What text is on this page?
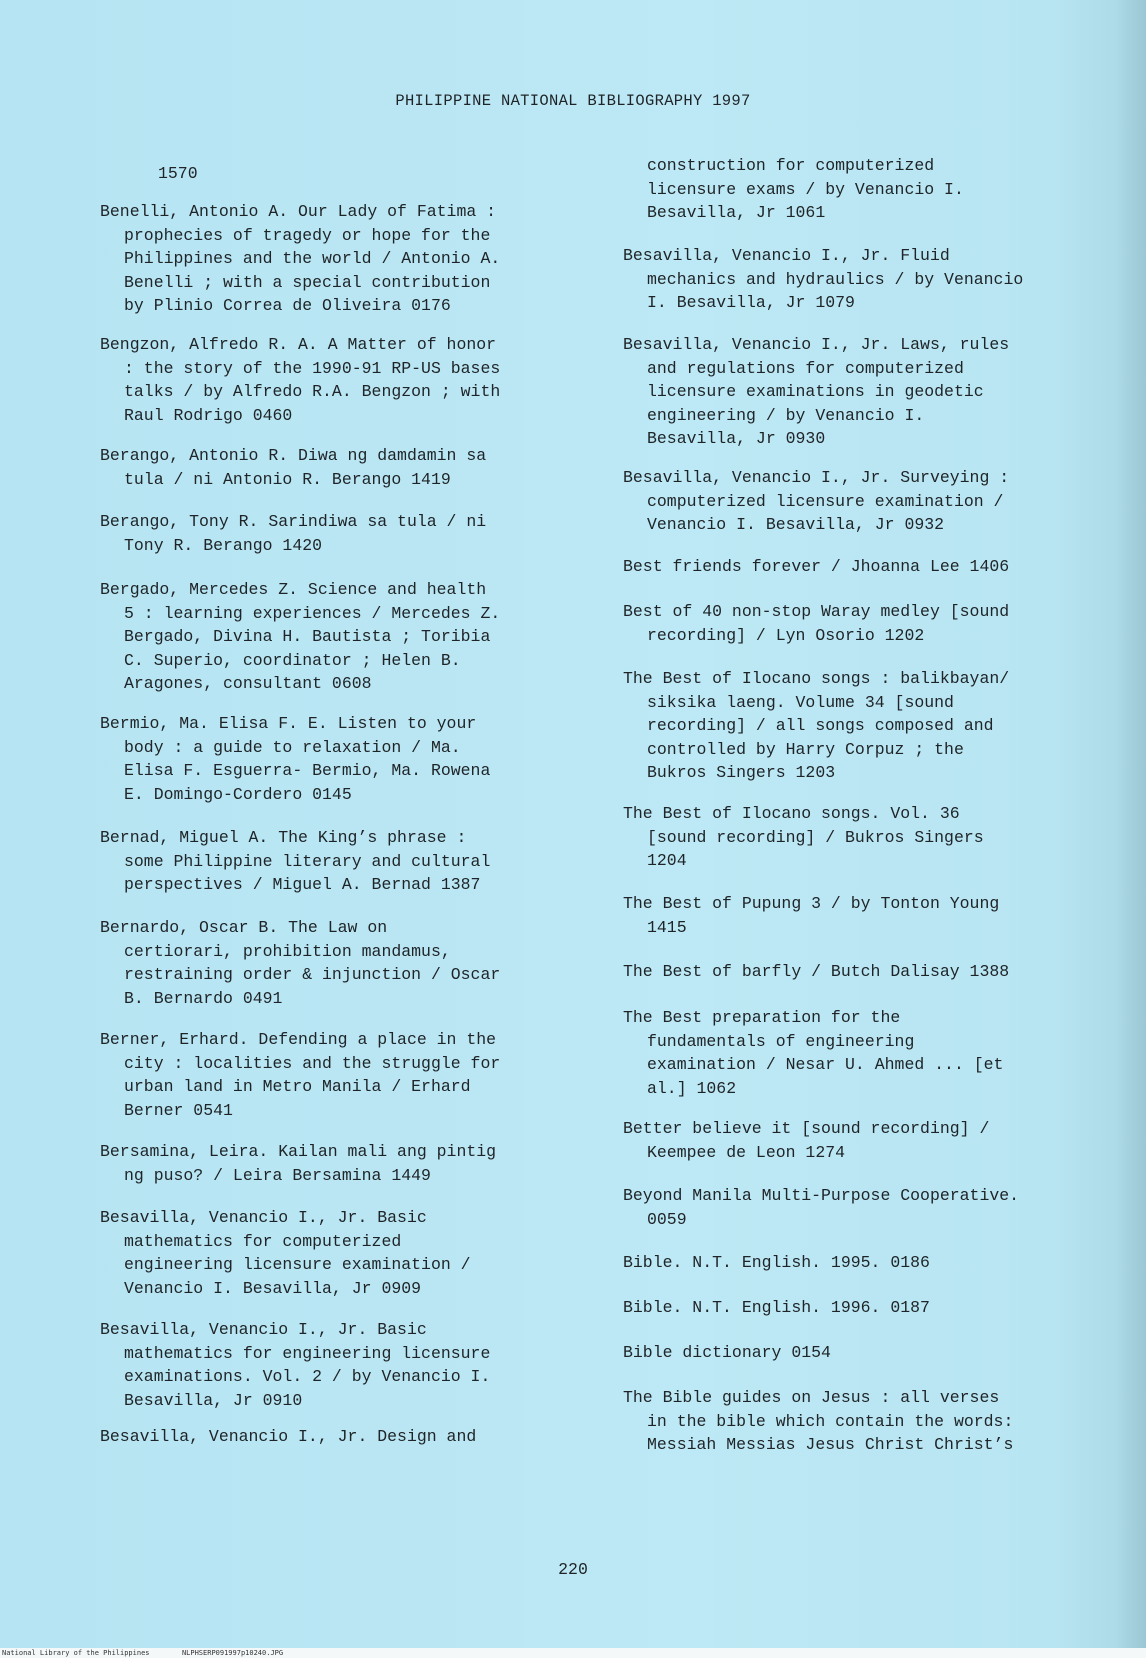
PHILIPPINE NATIONAL BIBLIOGRAPHY 1997
1570
Benelli, Antonio A. Our Lady of Fatima :
prophecies of tragedy or hope for the
Philippines and the world / Antonio A.
Benelli ; with a special contribution
by Plinio Correa de Oliveira 0176
Bengzon, Alfredo R. A. A Matter of honor
: the story of the 1990-91 RP-US bases
talks / by Alfredo R.A. Bengzon ; with
Raul Rodrigo 0460
Berango, Antonio R. Diwa ng damdamin sa
tula / ni Antonio R. Berango 1419
Berango, Tony R. Sarindiwa sa tula / ni
Tony R. Berango 1420
Bergado, Mercedes Z. Science and health
5 : learning experiences / Mercedes Z.
Bergado, Divina H. Bautista ; Toribia
C. Superio, coordinator ; Helen B.
Aragones, consultant 0608
Bermio, Ma. Elisa F. E. Listen to your
body : a guide to relaxation / Ma.
Elisa F. Esguerra- Bermio, Ma. Rowena
E. Domingo-Cordero 0145
Bernad, Miguel A. The King’s phrase :
some Philippine literary and cultural
perspectives / Miguel A. Bernad 1387
Bernardo, Oscar B. The Law on
certiorari, prohibition mandamus,
restraining order & injunction / Oscar
B. Bernardo 0491
Berner, Erhard. Defending a place in the
city : localities and the struggle for
urban land in Metro Manila / Erhard
Berner 0541
Bersamina, Leira. Kailan mali ang pintig
ng puso? / Leira Bersamina 1449
Besavilla, Venancio I., Jr. Basic
mathematics for computerized
engineering licensure examination /
Venancio I. Besavilla, Jr 0909
Besavilla, Venancio I., Jr. Basic
mathematics for engineering licensure
examinations. Vol. 2 / by Venancio I.
Besavilla, Jr 0910
Besavilla, Venancio I., Jr. Design and
construction for computerized
licensure exams / by Venancio I.
Besavilla, Jr 1061
Besavilla, Venancio I., Jr. Fluid
mechanics and hydraulics / by Venancio
I. Besavilla, Jr 1079
Besavilla, Venancio I., Jr. Laws, rules
and regulations for computerized
licensure examinations in geodetic
engineering / by Venancio I.
Besavilla, Jr 0930
Besavilla, Venancio I., Jr. Surveying :
computerized licensure examination /
Venancio I. Besavilla, Jr 0932
Best friends forever / Jhoanna Lee 1406
Best of 40 non-stop Waray medley [sound
recording] / Lyn Osorio 1202
The Best of Ilocano songs : balikbayan/
siksika laeng. Volume 34 [sound
recording] / all songs composed and
controlled by Harry Corpuz ; the
Bukros Singers 1203
The Best of Ilocano songs. Vol. 36
[sound recording] / Bukros Singers
1204
The Best of Pupung 3 / by Tonton Young
1415
The Best of barfly / Butch Dalisay 1388
The Best preparation for the
fundamentals of engineering
examination / Nesar U. Ahmed ... [et
al.] 1062
Better believe it [sound recording] /
Keempee de Leon 1274
Beyond Manila Multi-Purpose Cooperative.
0059
Bible. N.T. English. 1995. 0186
Bible. N.T. English. 1996. 0187
Bible dictionary 0154
The Bible guides on Jesus : all verses
in the bible which contain the words:
Messiah Messias Jesus Christ Christ’s
220
National Library of the Philippines	NLPHSERP091997p10240.JPG
